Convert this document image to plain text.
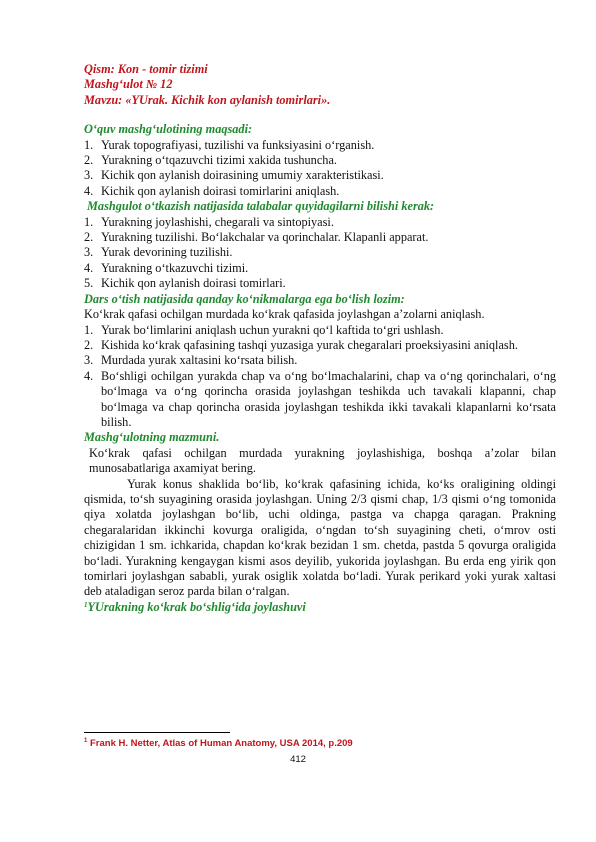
Qism: Kon - tomir tizimi
Mashg‘ulot № 12
Mavzu: «YUrak. Kichik kon aylanish tomirlari».
O‘quv mashg‘ulotining maqsadi:
1. Yurak topografiyasi, tuzilishi va funksiyasini o‘rganish.
2. Yurakning o‘tqazuvchi tizimi xakida tushuncha.
3. Kichik qon aylanish doirasining umumiy xarakteristikasi.
4. Kichik qon aylanish doirasi tomirlarini aniqlash.
Mashgulot o‘tkazish natijasida talabalar quyidagilarni bilishi kerak:
1. Yurakning joylashishi, chegarali va sintopiyasi.
2. Yurakning tuzilishi. Bo‘lakchalar va qorinchalar. Klapanli apparat.
3. Yurak devorining tuzilishi.
4. Yurakning o‘tkazuvchi tizimi.
5. Kichik qon aylanish doirasi tomirlari.
Dars o‘tish natijasida qanday ko‘nikmalarga ega bo‘lish lozim:
Ko‘krak qafasi ochilgan murdada ko‘krak qafasida joylashgan a’zolarni aniqlash.
1. Yurak bo‘limlarini aniqlash uchun yurakni qo‘l kaftida to‘gri ushlash.
2. Kishida ko‘krak qafasining tashqi yuzasiga yurak chegaralari proeksiyasini aniqlash.
3. Murdada yurak xaltasini ko‘rsata bilish.
4. Bo‘shligi ochilgan yurakda chap va o‘ng bo‘lmachalarini, chap va o‘ng qorinchalari, o‘ng bo‘lmaga va o‘ng qorincha orasida joylashgan teshikda uch tavakali klapanni, chap bo‘lmaga va chap qorincha orasida joylashgan teshikda ikki tavakali klapanlarni ko‘rsata bilish.
Mashg‘ulotning mazmuni.
Ko‘krak qafasi ochilgan murdada yurakning joylashishiga, boshqa a’zolar bilan munosabatlariga axamiyat bering.
Yurak konus shaklida bo‘lib, ko‘krak qafasining ichida, ko‘ks oraligining oldingi qismida, to‘sh suyagining orasida joylashgan. Uning 2/3 qismi chap, 1/3 qismi o‘ng tomonida qiya xolatda joylashgan bo‘lib, uchi oldinga, pastga va chapga qaragan. Prakning chegaralaridan ikkinchi kovurga oraligida, o‘ngdan to‘sh suyagining cheti, o‘mrov osti chizigidan 1 sm. ichkarida, chapdan ko‘krak bezidan 1 sm. chetda, pastda 5 qovurga oraligida bo‘ladi. Yurakning kengaygan kismi asos deyilib, yukorida joylashgan. Bu erda eng yirik qon tomirlari joylashgan sababli, yurak osiglik xolatda bo‘ladi. Yurak perikard yoki yurak xaltasi deb ataladigan seroz parda bilan o‘ralgan.
$^1$YUrakning ko‘krak bo‘shlig‘ida joylashuvi
$^1$ Frank H. Netter, Atlas of Human Anatomy, USA 2014, p.209
412
